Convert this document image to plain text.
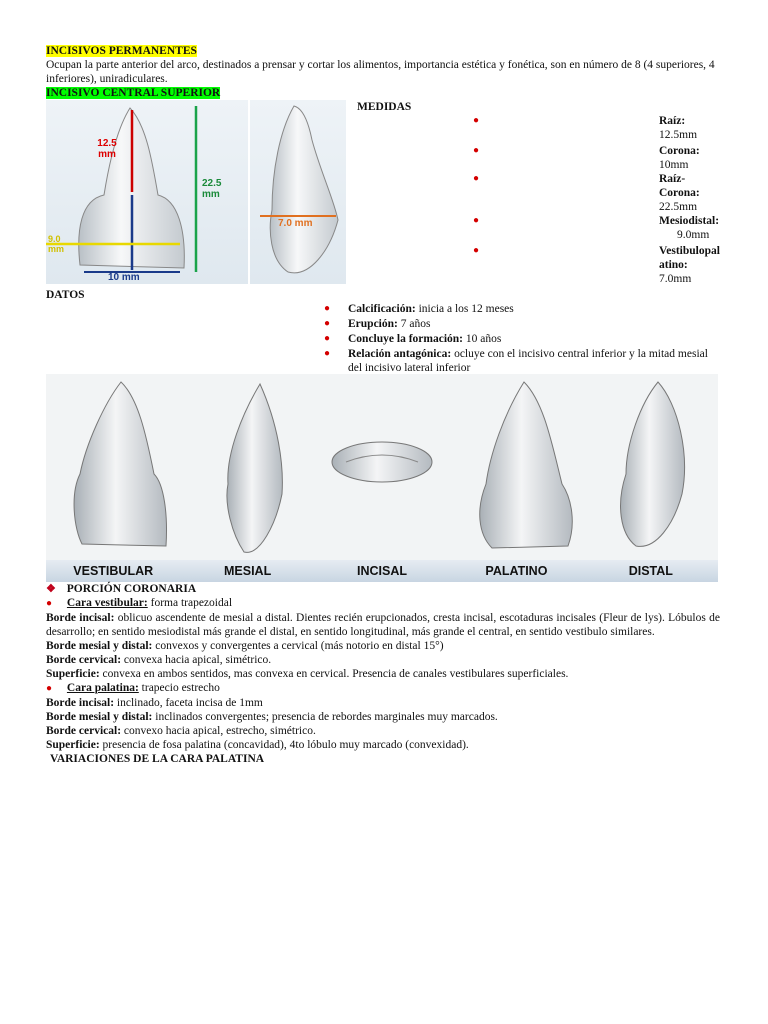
INCISIVOS PERMANENTES
Ocupan la parte anterior del arco, destinados a prensar y cortar los alimentos, importancia estética y fonética, son en número de 8 (4 superiores, 4 inferiores), uniradiculares.
INCISIVO CENTRAL SUPERIOR
12.5 mm
22.5 mm
9.0 mm
10 mm
7.0 mm
MEDIDAS
●	Raíz:
12.5mm
●	Corona:
10mm
●	Raíz-Corona:
22.5mm
●	Mesiodistal:
9.0mm
●	Vestibulopalatino:
7.0mm
DATOS
● Calcificación: inicia a los 12 meses
● Erupción: 7 años
● Concluye la formación: 10 años
● Relación antagónica: ocluye con el incisivo central inferior y la mitad mesial del incisivo lateral inferior
VESTIBULAR	MESIAL	INCISAL	PALATINO	DISTAL
❖ PORCIÓN CORONARIA
● Cara vestibular: forma trapezoidal
Borde incisal: oblicuo ascendente de mesial a distal. Dientes recién erupcionados, cresta incisal, escotaduras incisales (Fleur de lys). Lóbulos de desarrollo; en sentido mesiodistal más grande el distal, en sentido longitudinal, más grande el central, en sentido vestibulo similares.
Borde mesial y distal: convexos y convergentes a cervical (más notorio en distal 15°)
Borde cervical: convexa hacia apical, simétrico.
Superficie: convexa en ambos sentidos, mas convexa en cervical. Presencia de canales vestibulares superficiales.
● Cara palatina: trapecio estrecho
Borde incisal: inclinado, faceta incisa de 1mm
Borde mesial y distal: inclinados convergentes; presencia de rebordes marginales muy marcados.
Borde cervical: convexo hacia apical, estrecho, simétrico.
Superficie: presencia de fosa palatina (concavidad), 4to lóbulo muy marcado (convexidad).
VARIACIONES DE LA CARA PALATINA
